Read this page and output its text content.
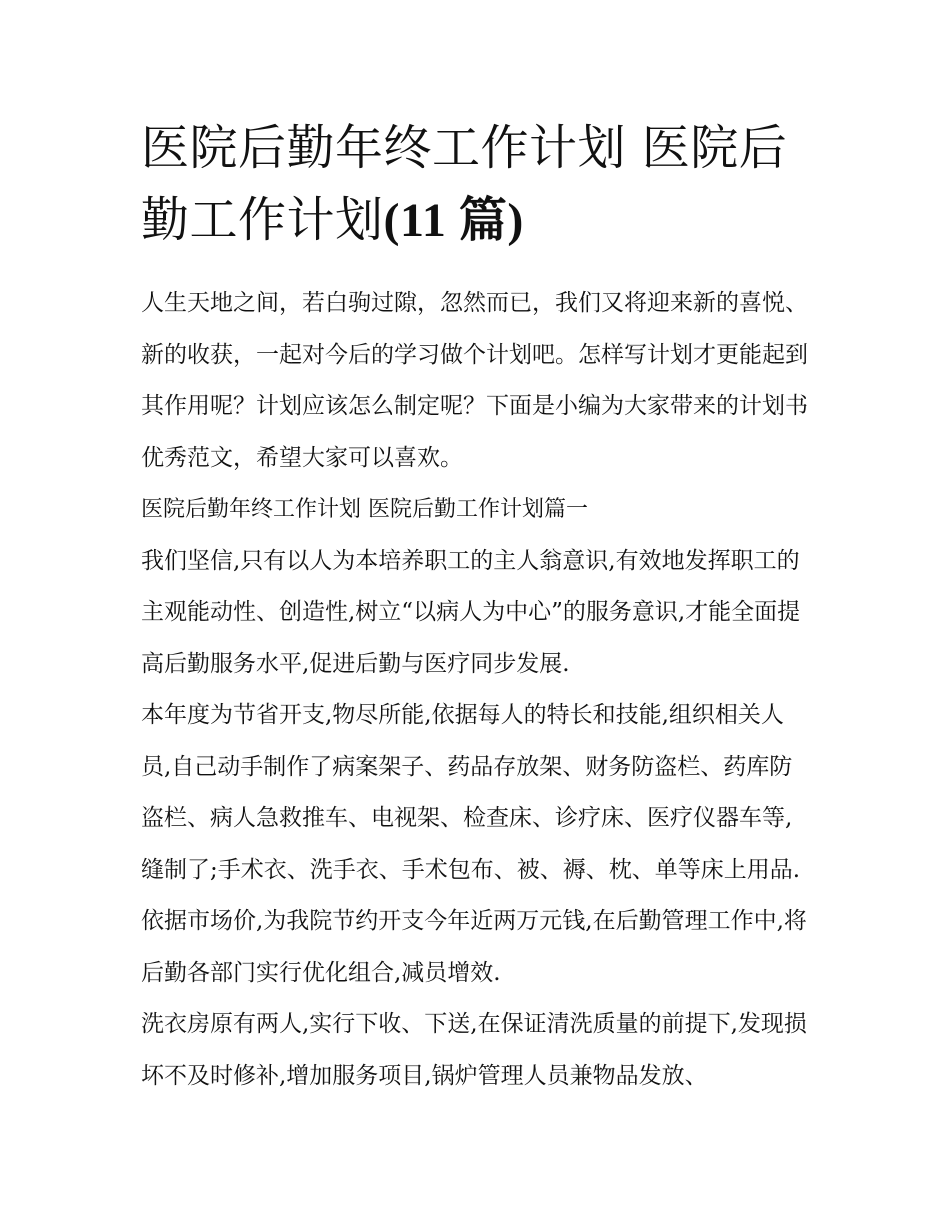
医院后勤年终工作计划 医院后勤工作计划(11 篇)

人生天地之间，若白驹过隙，忽然而已，我们又将迎来新的喜悦、新的收获，一起对今后的学习做个计划吧。怎样写计划才更能起到其作用呢？计划应该怎么制定呢？下面是小编为大家带来的计划书优秀范文，希望大家可以喜欢。

医院后勤年终工作计划 医院后勤工作计划篇一

我们坚信,只有以人为本培养职工的主人翁意识,有效地发挥职工的主观能动性、创造性,树立“以病人为中心”的服务意识,才能全面提高后勤服务水平,促进后勤与医疗同步发展.

本年度为节省开支,物尽所能,依据每人的特长和技能,组织相关人员,自己动手制作了病案架子、药品存放架、财务防盗栏、药库防盗栏、病人急救推车、电视架、检查床、诊疗床、医疗仪器车等,缝制了;手术衣、洗手衣、手术包布、被、褥、枕、单等床上用品.依据市场价,为我院节约开支今年近两万元钱,在后勤管理工作中,将后勤各部门实行优化组合,减员增效.

洗衣房原有两人,实行下收、下送,在保证清洗质量的前提下,发现损坏不及时修补,增加服务项目,锅炉管理人员兼物品发放、
